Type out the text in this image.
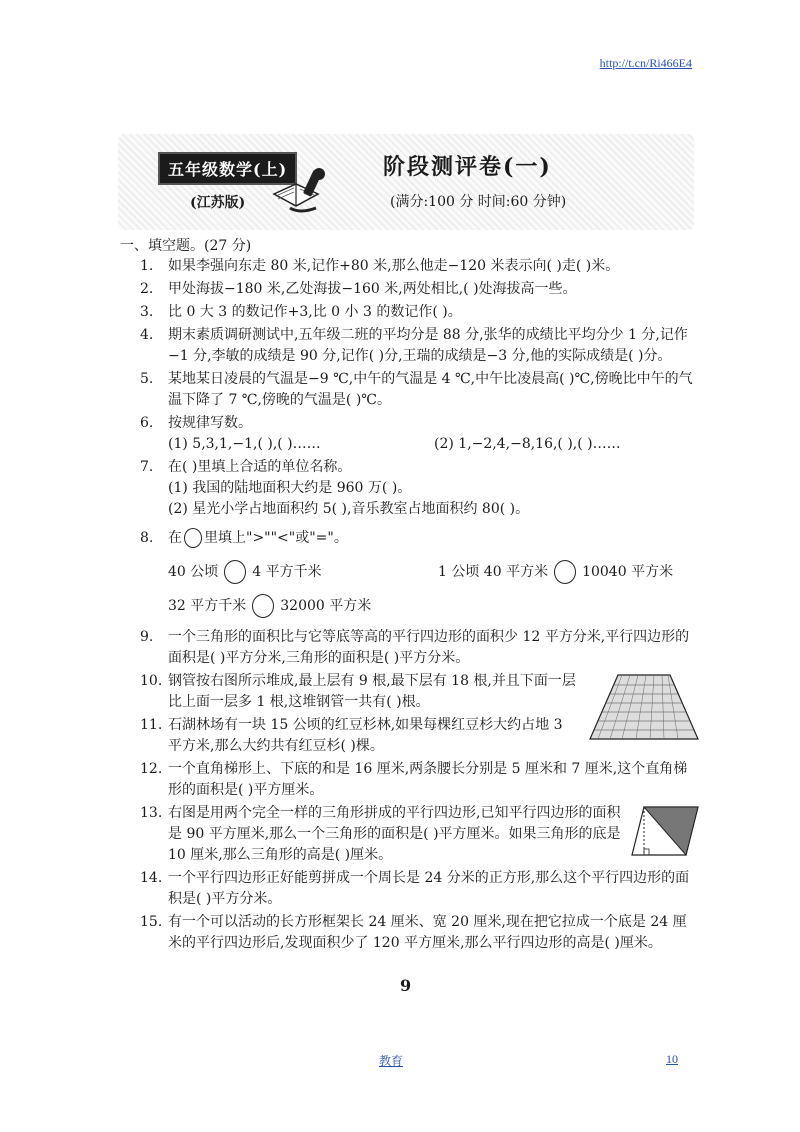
http://t.cn/Ri466E4
五年级数学(上)
(江苏版)
阶段测评卷(一)
(满分:100 分 时间:60 分钟)
一、填空题。(27 分)
1. 如果李强向东走 80 米,记作+80 米,那么他走−120 米表示向( )走( )米。
2. 甲处海拔−180 米,乙处海拔−160 米,两处相比,( )处海拔高一些。
3. 比 0 大 3 的数记作+3,比 0 小 3 的数记作( )。
4. 期末素质调研测试中,五年级二班的平均分是 88 分,张华的成绩比平均分少 1 分,记作−1 分,李敏的成绩是 90 分,记作( )分,王瑞的成绩是−3 分,他的实际成绩是( )分。
5. 某地某日凌晨的气温是−9 ℃,中午的气温是 4 ℃,中午比凌晨高( )℃,傍晚比中午的气温下降了 7 ℃,傍晚的气温是( )℃。
6. 按规律写数。
(1) 5,3,1,−1,( ),( )……	(2) 1,−2,4,−8,16,( ),( )……
7. 在( )里填上合适的单位名称。
(1) 我国的陆地面积大约是 960 万( )。
(2) 星光小学占地面积约 5( ),音乐教室占地面积约 80( )。
8. 在 里填上">""<"或"="。
40 公顷 4 平方千米	1 公顷 40 平方米 10040 平方米
32 平方千米 32000 平方米
9. 一个三角形的面积比与它等底等高的平行四边形的面积少 12 平方分米,平行四边形的面积是( )平方分米,三角形的面积是( )平方分米。
10. 钢管按右图所示堆成,最上层有 9 根,最下层有 18 根,并且下面一层比上面一层多 1 根,这堆钢管一共有( )根。
11. 石湖林场有一块 15 公顷的红豆杉林,如果每棵红豆杉大约占地 3 平方米,那么大约共有红豆杉( )棵。
12. 一个直角梯形上、下底的和是 16 厘米,两条腰长分别是 5 厘米和 7 厘米,这个直角梯形的面积是( )平方厘米。
13. 右图是用两个完全一样的三角形拼成的平行四边形,已知平行四边形的面积是 90 平方厘米,那么一个三角形的面积是( )平方厘米。如果三角形的底是 10 厘米,那么三角形的高是( )厘米。
14. 一个平行四边形正好能剪拼成一个周长是 24 分米的正方形,那么这个平行四边形的面积是( )平方分米。
15. 有一个可以活动的长方形框架长 24 厘米、宽 20 厘米,现在把它拉成一个底是 24 厘米的平行四边形后,发现面积少了 120 平方厘米,那么平行四边形的高是( )厘米。
9
教育	10
